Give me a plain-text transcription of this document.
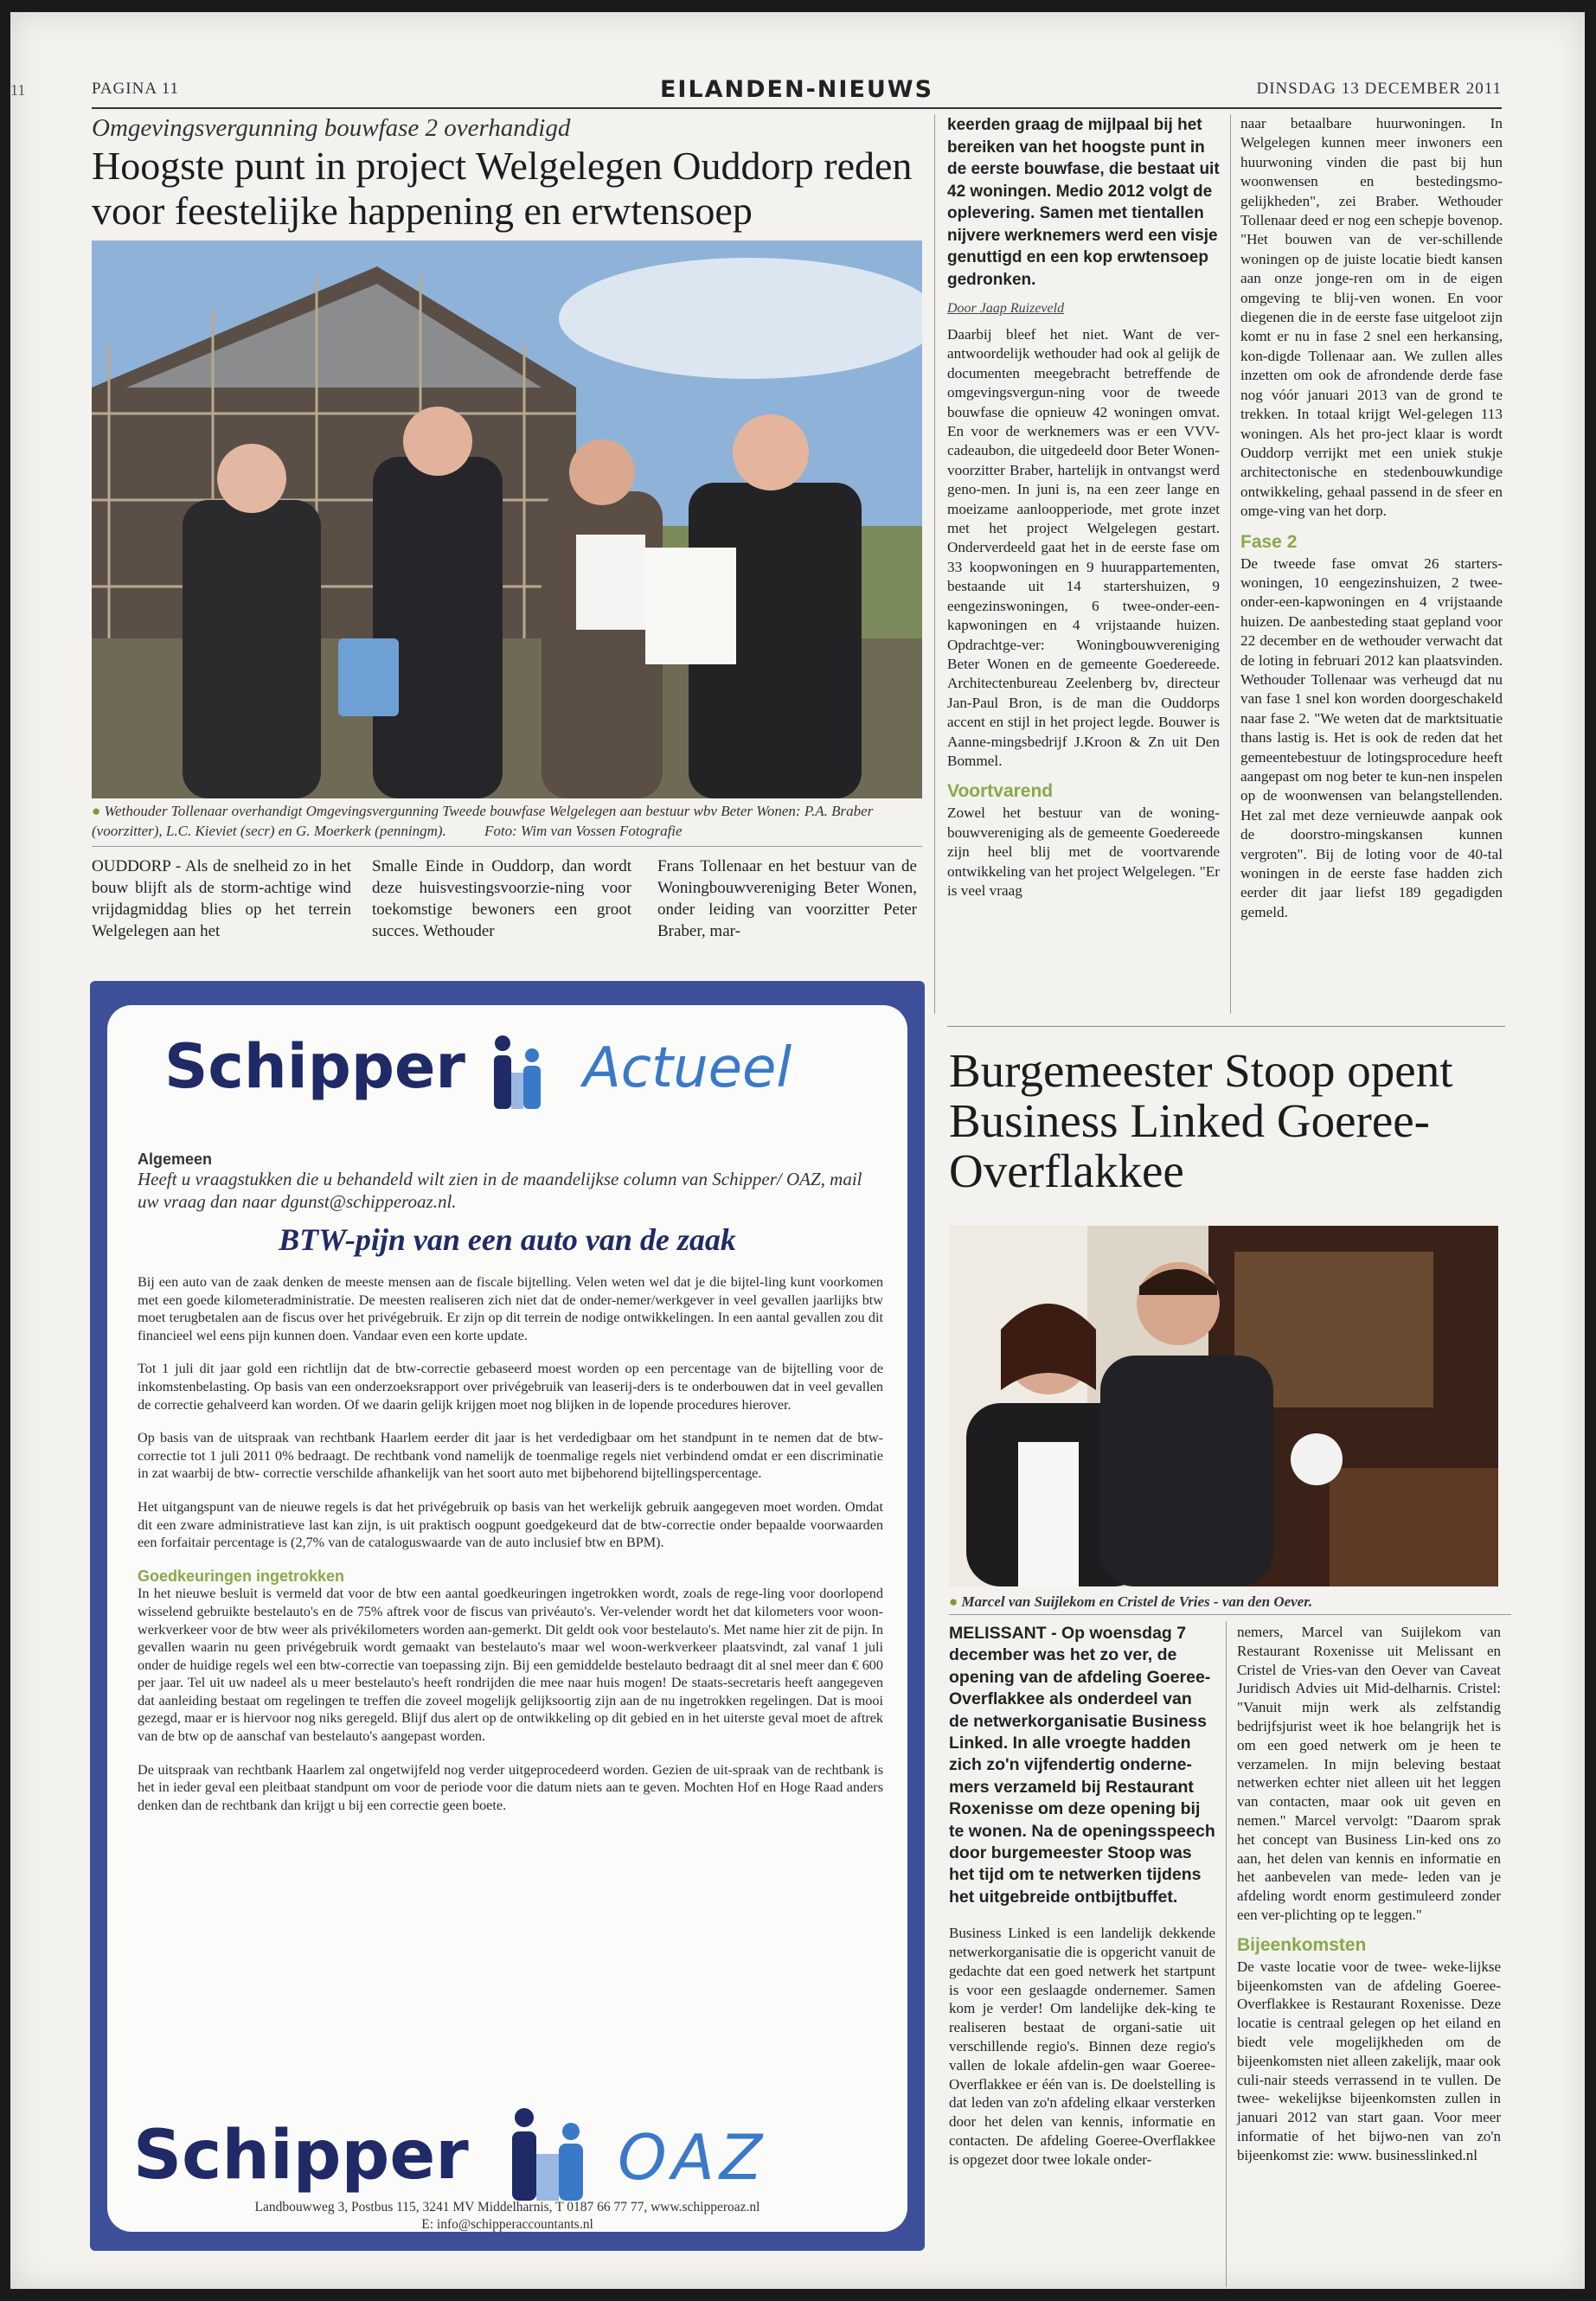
11	PAGINA 11	EILANDEN-NIEUWS	DINSDAG 13 DECEMBER 2011
Omgevingsvergunning bouwfase 2 overhandigd
Hoogste punt in project Welgelegen Ouddorp reden voor feestelijke happening en erwtensoep
● Wethouder Tollenaar overhandigt Omgevingsvergunning Tweede bouwfase Welgelegen aan bestuur wbv Beter Wonen: P.A. Braber (voorzitter), L.C. Kieviet (secr) en G. Moerkerk (penningm).	Foto: Wim van Vossen Fotografie
OUDDORP - Als de snelheid zo in het bouw blijft als de storm-achtige wind vrijdagmiddag blies op het terrein Welgelegen aan het
Smalle Einde in Ouddorp, dan wordt deze huisvestingsvoorzie-ning voor toekomstige bewoners een groot succes. Wethouder
Frans Tollenaar en het bestuur van de Woningbouwvereniging Beter Wonen, onder leiding van voorzitter Peter Braber, mar-
keerden graag de mijlpaal bij het bereiken van het hoogste punt in de eerste bouwfase, die bestaat uit 42 woningen. Medio 2012 volgt de oplevering. Samen met tientallen nijvere werknemers werd een visje genuttigd en een kop erwtensoep gedronken.
Door Jaap Ruizeveld

Daarbij bleef het niet. Want de ver-antwoordelijk wethouder had ook al gelijk de documenten meegebracht betreffende de omgevingsvergun-ning voor de tweede bouwfase die opnieuw 42 woningen omvat. En voor de werknemers was er een VVV-cadeaubon, die uitgedeeld door Beter Wonen-voorzitter Braber, hartelijk in ontvangst werd geno-men. In juni is, na een zeer lange en moeizame aanloopperiode, met grote inzet met het project Welgelegen gestart. Onderverdeeld gaat het in de eerste fase om 33 koopwoningen en 9 huurappartementen, bestaande uit 14 startershuizen, 9 eengezinswoningen, 6 twee-onder-een-kapwoningen en 4 vrijstaande huizen. Opdrachtge-ver: Woningbouwvereniging Beter Wonen en de gemeente Goedereede. Architectenbureau Zeelenberg bv, directeur Jan-Paul Bron, is de man die Ouddorps accent en stijl in het project legde. Bouwer is Aanne-mingsbedrijf J.Kroon & Zn uit Den Bommel.

Voortvarend

Zowel het bestuur van de woning-bouwvereniging als de gemeente Goedereede zijn heel blij met de voortvarende ontwikkeling van het project Welgelegen. "Er is veel vraag

naar betaalbare huurwoningen. In Welgelegen kunnen meer inwoners een huurwoning vinden die past bij hun woonwensen en bestedingsmo-gelijkheden", zei Braber. Wethouder Tollenaar deed er nog een schepje bovenop. "Het bouwen van de ver-schillende woningen op de juiste locatie biedt kansen aan onze jonge-ren om in de eigen omgeving te blij-ven wonen. En voor diegenen die in de eerste fase uitgeloot zijn komt er nu in fase 2 snel een herkansing, kon-digde Tollenaar aan. We zullen alles inzetten om ook de afrondende derde fase nog vóór januari 2013 van de grond te trekken. In totaal krijgt Wel-gelegen 113 woningen. Als het pro-ject klaar is wordt Ouddorp verrijkt met een uniek stukje architectonische en stedenbouwkundige ontwikkeling, gehaal passend in de sfeer en omge-ving van het dorp.

Fase 2

De tweede fase omvat 26 starters-woningen, 10 eengezinshuizen, 2 twee-onder-een-kapwoningen en 4 vrijstaande huizen. De aanbesteding staat gepland voor 22 december en de wethouder verwacht dat de loting in februari 2012 kan plaatsvinden. Wethouder Tollenaar was verheugd dat nu van fase 1 snel kon worden doorgeschakeld naar fase 2. "We weten dat de marktsituatie thans lastig is. Het is ook de reden dat het gemeentebestuur de lotingsprocedure heeft aangepast om nog beter te kun-nen inspelen op de woonwensen van belangstellenden. Het zal met deze vernieuwde aanpak ook de doorstro-mingskansen kunnen vergroten". Bij de loting voor de 40-tal woningen in de eerste fase hadden zich eerder dit jaar liefst 189 gegadigden gemeld.

Schipper Actueel
Algemeen
Heeft u vraagstukken die u behandeld wilt zien in de maandelijkse column van Schipper/ OAZ, mail uw vraag dan naar dgunst@schipperoaz.nl.
BTW-pijn van een auto van de zaak

Bij een auto van de zaak denken de meeste mensen aan de fiscale bijtelling. Velen weten wel dat je die bijtel-ling kunt voorkomen met een goede kilometeradministratie. De meesten realiseren zich niet dat de onder-nemer/werkgever in veel gevallen jaarlijks btw moet terugbetalen aan de fiscus over het privégebruik. Er zijn op dit terrein de nodige ontwikkelingen. In een aantal gevallen zou dit financieel wel eens pijn kunnen doen. Vandaar even een korte update.

Tot 1 juli dit jaar gold een richtlijn dat de btw-correctie gebaseerd moest worden op een percentage van de bijtelling voor de inkomstenbelasting. Op basis van een onderzoeksrapport over privégebruik van leaserij-ders is te onderbouwen dat in veel gevallen de correctie gehalveerd kan worden. Of we daarin gelijk krijgen moet nog blijken in de lopende procedures hierover.

Op basis van de uitspraak van rechtbank Haarlem eerder dit jaar is het verdedigbaar om het standpunt in te nemen dat de btw-correctie tot 1 juli 2011 0% bedraagt. De rechtbank vond namelijk de toenmalige regels niet verbindend omdat er een discriminatie in zat waarbij de btw- correctie verschilde afhankelijk van het soort auto met bijbehorend bijtellingspercentage.

Het uitgangspunt van de nieuwe regels is dat het privégebruik op basis van het werkelijk gebruik aangegeven moet worden. Omdat dit een zware administratieve last kan zijn, is uit praktisch oogpunt goedgekeurd dat de btw-correctie onder bepaalde voorwaarden een forfaitair percentage is (2,7% van de cataloguswaarde van de auto inclusief btw en BPM).

Goedkeuringen ingetrokken

In het nieuwe besluit is vermeld dat voor de btw een aantal goedkeuringen ingetrokken wordt, zoals de rege-ling voor doorlopend wisselend gebruikte bestelauto's en de 75% aftrek voor de fiscus van privéauto's. Ver-velender wordt het dat kilometers voor woon-werkverkeer voor de btw weer als privékilometers worden aan-gemerkt. Dit geldt ook voor bestelauto's. Met name hier zit de pijn. In gevallen waarin nu geen privégebruik wordt gemaakt van bestelauto's maar wel woon-werkverkeer plaatsvindt, zal vanaf 1 juli onder de huidige regels wel een btw-correctie van toepassing zijn. Bij een gemiddelde bestelauto bedraagt dit al snel meer dan € 600 per jaar. Tel uit uw nadeel als u meer bestelauto's heeft rondrijden die mee naar huis mogen! De staats-secretaris heeft aangegeven dat aanleiding bestaat om regelingen te treffen die zoveel mogelijk gelijksoortig zijn aan de nu ingetrokken regelingen. Dat is mooi gezegd, maar er is hiervoor nog niks geregeld. Blijf dus alert op de ontwikkeling op dit gebied en in het uiterste geval moet de aftrek van de btw op de aanschaf van bestelauto's aangepast worden.

De uitspraak van rechtbank Haarlem zal ongetwijfeld nog verder uitgeprocedeerd worden. Gezien de uit-spraak van de rechtbank is het in ieder geval een pleitbaat standpunt om voor de periode voor die datum niets aan te geven. Mochten Hof en Hoge Raad anders denken dan de rechtbank dan krijgt u bij een correctie geen boete.

Schipper OAZ
Landbouwweg 3, Postbus 115, 3241 MV Middelharnis, T 0187 66 77 77, www.schipperoaz.nl
E: info@schipperaccountants.nl
Burgemeester Stoop opent Business Linked Goeree-Overflakkee
● Marcel van Suijlekom en Cristel de Vries - van den Oever.
MELISSANT - Op woensdag 7 december was het zo ver, de opening van de afdeling Goeree-Overflakkee als onderdeel van de netwerkorganisatie Business Linked. In alle vroegte hadden zich zo'n vijfendertig onderne-mers verzameld bij Restaurant Roxenisse om deze opening bij te wonen. Na de openingsspeech door burgemeester Stoop was het tijd om te netwerken tijdens het uitgebreide ontbijtbuffet.

Business Linked is een landelijk dekkende netwerkorganisatie die is opgericht vanuit de gedachte dat een goed netwerk het startpunt is voor een geslaagde ondernemer. Samen kom je verder! Om landelijke dek-king te realiseren bestaat de organi-satie uit verschillende regio's. Binnen deze regio's vallen de lokale afdelin-gen waar Goeree-Overflakkee er één van is. De doelstelling is dat leden van zo'n afdeling elkaar versterken door het delen van kennis, informatie en contacten. De afdeling Goeree-Overflakkee is opgezet door twee lokale onder-

nemers, Marcel van Suijlekom van Restaurant Roxenisse uit Melissant en Cristel de Vries-van den Oever van Caveat Juridisch Advies uit Mid-delharnis. Cristel: "Vanuit mijn werk als zelfstandig bedrijfsjurist weet ik hoe belangrijk het is om een goed netwerk om je heen te verzamelen. In mijn beleving bestaat netwerken echter niet alleen uit het leggen van contacten, maar ook uit geven en nemen." Marcel vervolgt: "Daarom sprak het concept van Business Lin-ked ons zo aan, het delen van kennis en informatie en het aanbevelen van mede- leden van je afdeling wordt enorm gestimuleerd zonder een ver-plichting op te leggen."

Bijeenkomsten

De vaste locatie voor de twee- weke-lijkse bijeenkomsten van de afdeling Goeree-Overflakkee is Restaurant Roxenisse. Deze locatie is centraal gelegen op het eiland en biedt vele mogelijkheden om de bijeenkomsten niet alleen zakelijk, maar ook culi-nair steeds verrassend in te vullen. De twee- wekelijkse bijeenkomsten zullen in januari 2012 van start gaan. Voor meer informatie of het bijwo-nen van zo'n bijeenkomst zie: www. businesslinked.nl
